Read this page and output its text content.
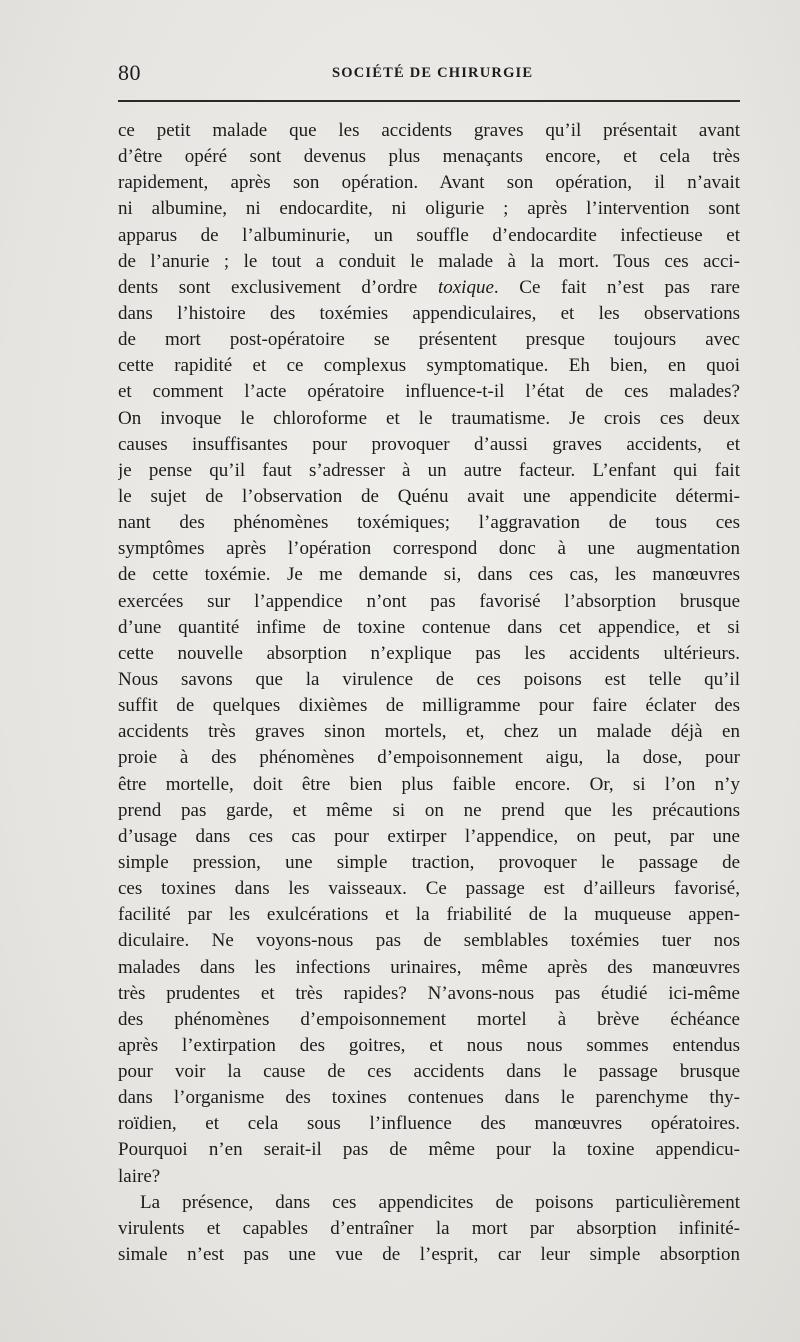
80	SOCIÉTÉ DE CHIRURGIE
ce petit malade que les accidents graves qu’il présentait avant
d’être opéré sont devenus plus menaçants encore, et cela très
rapidement, après son opération. Avant son opération, il n’avait
ni albumine, ni endocardite, ni oligurie ; après l’intervention sont
apparus de l’albuminurie, un souffle d’endocardite infectieuse et
de l’anurie ; le tout a conduit le malade à la mort. Tous ces acci-
dents sont exclusivement d’ordre toxique. Ce fait n’est pas rare
dans l’histoire des toxémies appendiculaires, et les observations
de mort post-opératoire se présentent presque toujours avec
cette rapidité et ce complexus symptomatique. Eh bien, en quoi
et comment l’acte opératoire influence-t-il l’état de ces malades?
On invoque le chloroforme et le traumatisme. Je crois ces deux
causes insuffisantes pour provoquer d’aussi graves accidents, et
je pense qu’il faut s’adresser à un autre facteur. L’enfant qui fait
le sujet de l’observation de Quénu avait une appendicite détermi-
nant des phénomènes toxémiques; l’aggravation de tous ces
symptômes après l’opération correspond donc à une augmentation
de cette toxémie. Je me demande si, dans ces cas, les manœuvres
exercées sur l’appendice n’ont pas favorisé l’absorption brusque
d’une quantité infime de toxine contenue dans cet appendice, et si
cette nouvelle absorption n’explique pas les accidents ultérieurs.
Nous savons que la virulence de ces poisons est telle qu’il
suffit de quelques dixièmes de milligramme pour faire éclater des
accidents très graves sinon mortels, et, chez un malade déjà en
proie à des phénomènes d’empoisonnement aigu, la dose, pour
être mortelle, doit être bien plus faible encore. Or, si l’on n’y
prend pas garde, et même si on ne prend que les précautions
d’usage dans ces cas pour extirper l’appendice, on peut, par une
simple pression, une simple traction, provoquer le passage de
ces toxines dans les vaisseaux. Ce passage est d’ailleurs favorisé,
facilité par les exulcérations et la friabilité de la muqueuse appen-
diculaire. Ne voyons-nous pas de semblables toxémies tuer nos
malades dans les infections urinaires, même après des manœuvres
très prudentes et très rapides? N’avons-nous pas étudié ici-même
des phénomènes d’empoisonnement mortel à brève échéance
après l’extirpation des goitres, et nous nous sommes entendus
pour voir la cause de ces accidents dans le passage brusque
dans l’organisme des toxines contenues dans le parenchyme thy-
roïdien, et cela sous l’influence des manœuvres opératoires.
Pourquoi n’en serait-il pas de même pour la toxine appendicu-
laire?
La présence, dans ces appendicites de poisons particulièrement
virulents et capables d’entraîner la mort par absorption infinité-
simale n’est pas une vue de l’esprit, car leur simple absorption
